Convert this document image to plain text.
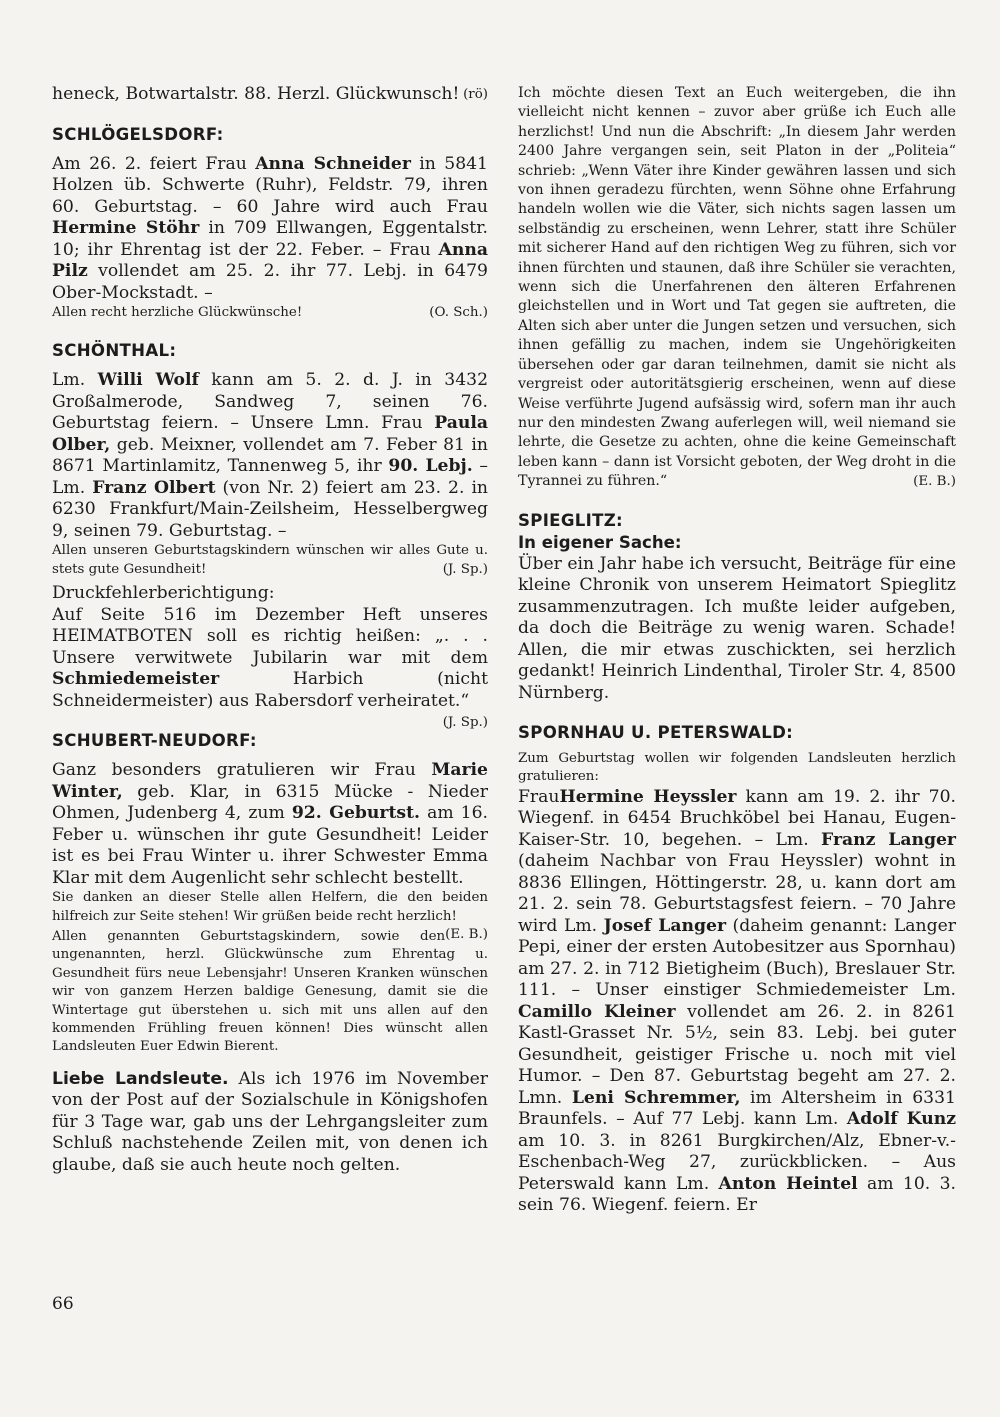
heneck, Botwartalstr. 88. Herzl. Glückwunsch! (rö)

SCHLÖGELSDORF:

Am 26. 2. feiert Frau Anna Schneider in 5841 Holzen üb. Schwerte (Ruhr), Feldstr. 79, ihren 60. Geburtstag. – 60 Jahre wird auch Frau Hermine Stöhr in 709 Ellwangen, Eggentalstr. 10; ihr Ehrentag ist der 22. Feber. – Frau Anna Pilz vollendet am 25. 2. ihr 77. Lebj. in 6479 Ober-Mockstadt. –

Allen recht herzliche Glückwünsche!	(O. Sch.)

SCHÖNTHAL:

Lm. Willi Wolf kann am 5. 2. d. J. in 3432 Großalmerode, Sandweg 7, seinen 76. Geburtstag feiern. – Unsere Lmn. Frau Paula Olber, geb. Meixner, vollendet am 7. Feber 81 in 8671 Martinlamitz, Tannenweg 5, ihr 90. Lebj. – Lm. Franz Olbert (von Nr. 2) feiert am 23. 2. in 6230 Frankfurt/Main-Zeilsheim, Hesselbergweg 9, seinen 79. Geburtstag. –

Allen unseren Geburtstagskindern wünschen wir alles Gute u. stets gute Gesundheit!	(J. Sp.)

Druckfehlerberichtigung:

Auf Seite 516 im Dezember Heft unseres HEIMATBOTEN soll es richtig heißen: „. . . Unsere verwitwete Jubilarin war mit dem Schmiedemeister Harbich (nicht Schneidermeister) aus Rabersdorf verheiratet.“
(J. Sp.)

SCHUBERT-NEUDORF:

Ganz besonders gratulieren wir Frau Marie Winter, geb. Klar, in 6315 Mücke - Nieder Ohmen, Judenberg 4, zum 92. Geburtst. am 16. Feber u. wünschen ihr gute Gesundheit! Leider ist es bei Frau Winter u. ihrer Schwester Emma Klar mit dem Augenlicht sehr schlecht bestellt.

Sie danken an dieser Stelle allen Helfern, die den beiden hilfreich zur Seite stehen! Wir grüßen beide recht herzlich!
(E. B.)

Allen genannten Geburtstagskindern, sowie den ungenannten, herzl. Glückwünsche zum Ehrentag u. Gesundheit fürs neue Lebensjahr! Unseren Kranken wünschen wir von ganzem Herzen baldige Genesung, damit sie die Wintertage gut überstehen u. sich mit uns allen auf den kommenden Frühling freuen können! Dies wünscht allen Landsleuten Euer Edwin Bierent.

Liebe Landsleute. Als ich 1976 im November von der Post auf der Sozialschule in Königshofen für 3 Tage war, gab uns der Lehrgangsleiter zum Schluß nachstehende Zeilen mit, von denen ich glaube, daß sie auch heute noch gelten.

Ich möchte diesen Text an Euch weitergeben, die ihn vielleicht nicht kennen – zuvor aber grüße ich Euch alle herzlichst! Und nun die Abschrift: „In diesem Jahr werden 2400 Jahre vergangen sein, seit Platon in der „Politeia“ schrieb: „Wenn Väter ihre Kinder gewähren lassen und sich von ihnen geradezu fürchten, wenn Söhne ohne Erfahrung handeln wollen wie die Väter, sich nichts sagen lassen um selbständig zu erscheinen, wenn Lehrer, statt ihre Schüler mit sicherer Hand auf den richtigen Weg zu führen, sich vor ihnen fürchten und staunen, daß ihre Schüler sie verachten, wenn sich die Unerfahrenen den älteren Erfahrenen gleichstellen und in Wort und Tat gegen sie auftreten, die Alten sich aber unter die Jungen setzen und versuchen, sich ihnen gefällig zu machen, indem sie Ungehörigkeiten übersehen oder gar daran teilnehmen, damit sie nicht als vergreist oder autoritätsgierig erscheinen, wenn auf diese Weise verführte Jugend aufsässig wird, sofern man ihr auch nur den mindesten Zwang auferlegen will, weil niemand sie lehrte, die Gesetze zu achten, ohne die keine Gemeinschaft leben kann – dann ist Vorsicht geboten, der Weg droht in die Tyrannei zu führen.“	(E. B.)

SPIEGLITZ:
In eigener Sache:

Über ein Jahr habe ich versucht, Beiträge für eine kleine Chronik von unserem Heimatort Spieglitz zusammenzutragen. Ich mußte leider aufgeben, da doch die Beiträge zu wenig waren. Schade! Allen, die mir etwas zuschickten, sei herzlich gedankt! Heinrich Lindenthal, Tiroler Str. 4, 8500 Nürnberg.

SPORNHAU U. PETERSWALD:

Zum Geburtstag wollen wir folgenden Landsleuten herzlich gratulieren:

FrauHermine Heyssler kann am 19. 2. ihr 70. Wiegenf. in 6454 Bruchköbel bei Hanau, Eugen-Kaiser-Str. 10, begehen. – Lm. Franz Langer (daheim Nachbar von Frau Heyssler) wohnt in 8836 Ellingen, Höttingerstr. 28, u. kann dort am 21. 2. sein 78. Geburtstagsfest feiern. – 70 Jahre wird Lm. Josef Langer (daheim genannt: Langer Pepi, einer der ersten Autobesitzer aus Spornhau) am 27. 2. in 712 Bietigheim (Buch), Breslauer Str. 111. – Unser einstiger Schmiedemeister Lm. Camillo Kleiner vollendet am 26. 2. in 8261 Kastl-Grasset Nr. 5½, sein 83. Lebj. bei guter Gesundheit, geistiger Frische u. noch mit viel Humor. – Den 87. Geburtstag begeht am 27. 2. Lmn. Leni Schremmer, im Altersheim in 6331 Braunfels. – Auf 77 Lebj. kann Lm. Adolf Kunz am 10. 3. in 8261 Burgkirchen/Alz, Ebner-v.-Eschenbach-Weg 27, zurückblicken. – Aus Peterswald kann Lm. Anton Heintel am 10. 3. sein 76. Wiegenf. feiern. Er

66
